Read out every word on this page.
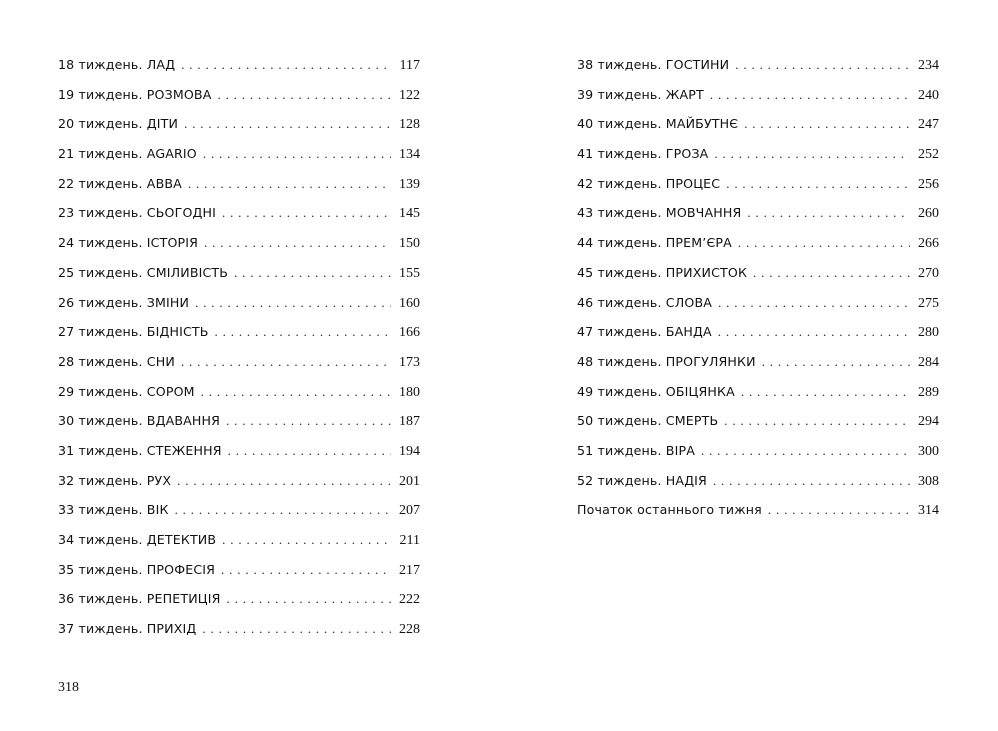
18 тиждень. ЛАД . . .	117
19 тиждень. РОЗМОВА . . .	122
20 тиждень. ДІТИ . . .	128
21 тиждень. AGARIO . . .	134
22 тиждень. ABBA . . .	139
23 тиждень. СЬОГОДНІ . . .	145
24 тиждень. ІСТОРІЯ . . .	150
25 тиждень. СМІЛИВІСТЬ . . .	155
26 тиждень. ЗМІНИ . . .	160
27 тиждень. БІДНІСТЬ . . .	166
28 тиждень. СНИ . . .	173
29 тиждень. СОРОМ . . .	180
30 тиждень. ВДАВАННЯ . . .	187
31 тиждень. СТЕЖЕННЯ . . .	194
32 тиждень. РУХ . . .	201
33 тиждень. ВІК . . .	207
34 тиждень. ДЕТЕКТИВ . . .	211
35 тиждень. ПРОФЕСІЯ . . .	217
36 тиждень. РЕПЕТИЦІЯ . . .	222
37 тиждень. ПРИХІД . . .	228
38 тиждень. ГОСТИНИ . . .	234
39 тиждень. ЖАРТ . . .	240
40 тиждень. МАЙБУТНЄ . . .	247
41 тиждень. ГРОЗА . . .	252
42 тиждень. ПРОЦЕС . . .	256
43 тиждень. МОВЧАННЯ . . .	260
44 тиждень. ПРЕМ’ЄРА . . .	266
45 тиждень. ПРИХИСТОК . . .	270
46 тиждень. СЛОВА . . .	275
47 тиждень. БАНДА . . .	280
48 тиждень. ПРОГУЛЯНКИ . . .	284
49 тиждень. ОБІЦЯНКА . . .	289
50 тиждень. СМЕРТЬ . . .	294
51 тиждень. ВІРА . . .	300
52 тиждень. НАДІЯ . . .	308
Початок останнього тижня . . .	314
318
